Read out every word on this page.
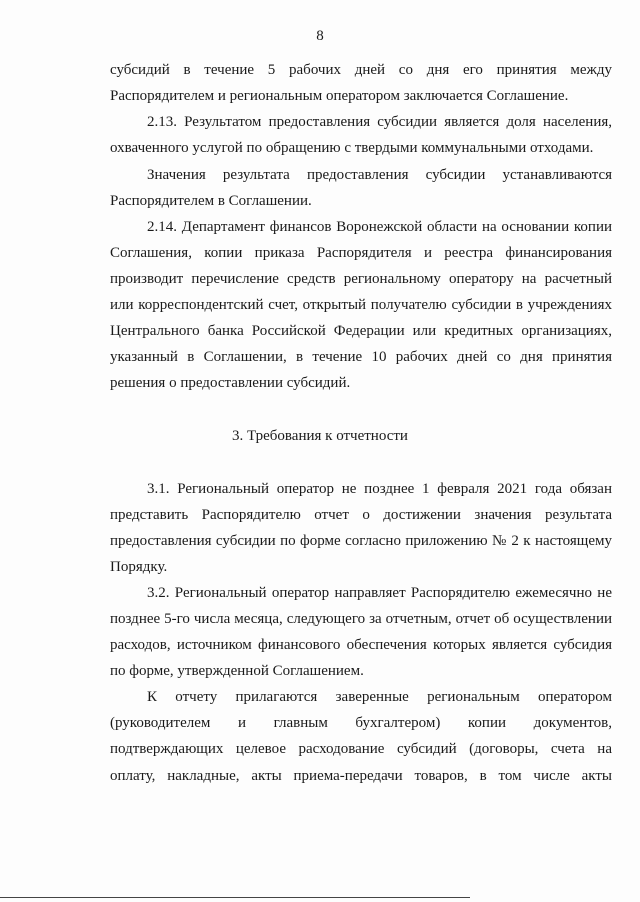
8
субсидий в течение 5 рабочих дней со дня его принятия между
Распорядителем и региональным оператором заключается Соглашение.
2.13. Результатом предоставления субсидии является доля населения,
охваченного услугой по обращению с твердыми коммунальными отходами.
Значения результата предоставления субсидии устанавливаются
Распорядителем в Соглашении.
2.14. Департамент финансов Воронежской области на основании копии
Соглашения, копии приказа Распорядителя и реестра финансирования
производит перечисление средств региональному оператору на расчетный
или корреспондентский счет, открытый получателю субсидии в учреждениях
Центрального банка Российской Федерации или кредитных организациях,
указанный в Соглашении, в течение 10 рабочих дней со дня принятия
решения о предоставлении субсидий.
3. Требования к отчетности
3.1. Региональный оператор не позднее 1 февраля 2021 года обязан
представить Распорядителю отчет о достижении значения результата
предоставления субсидии по форме согласно приложению № 2 к настоящему
Порядку.
3.2. Региональный оператор направляет Распорядителю ежемесячно не
позднее 5-го числа месяца, следующего за отчетным, отчет об осуществлении
расходов, источником финансового обеспечения которых является субсидия
по форме, утвержденной Соглашением.
К отчету прилагаются заверенные региональным оператором
(руководителем и главным бухгалтером) копии документов,
подтверждающих целевое расходование субсидий (договоры, счета на
оплату, накладные, акты приема-передачи товаров, в том числе акты
